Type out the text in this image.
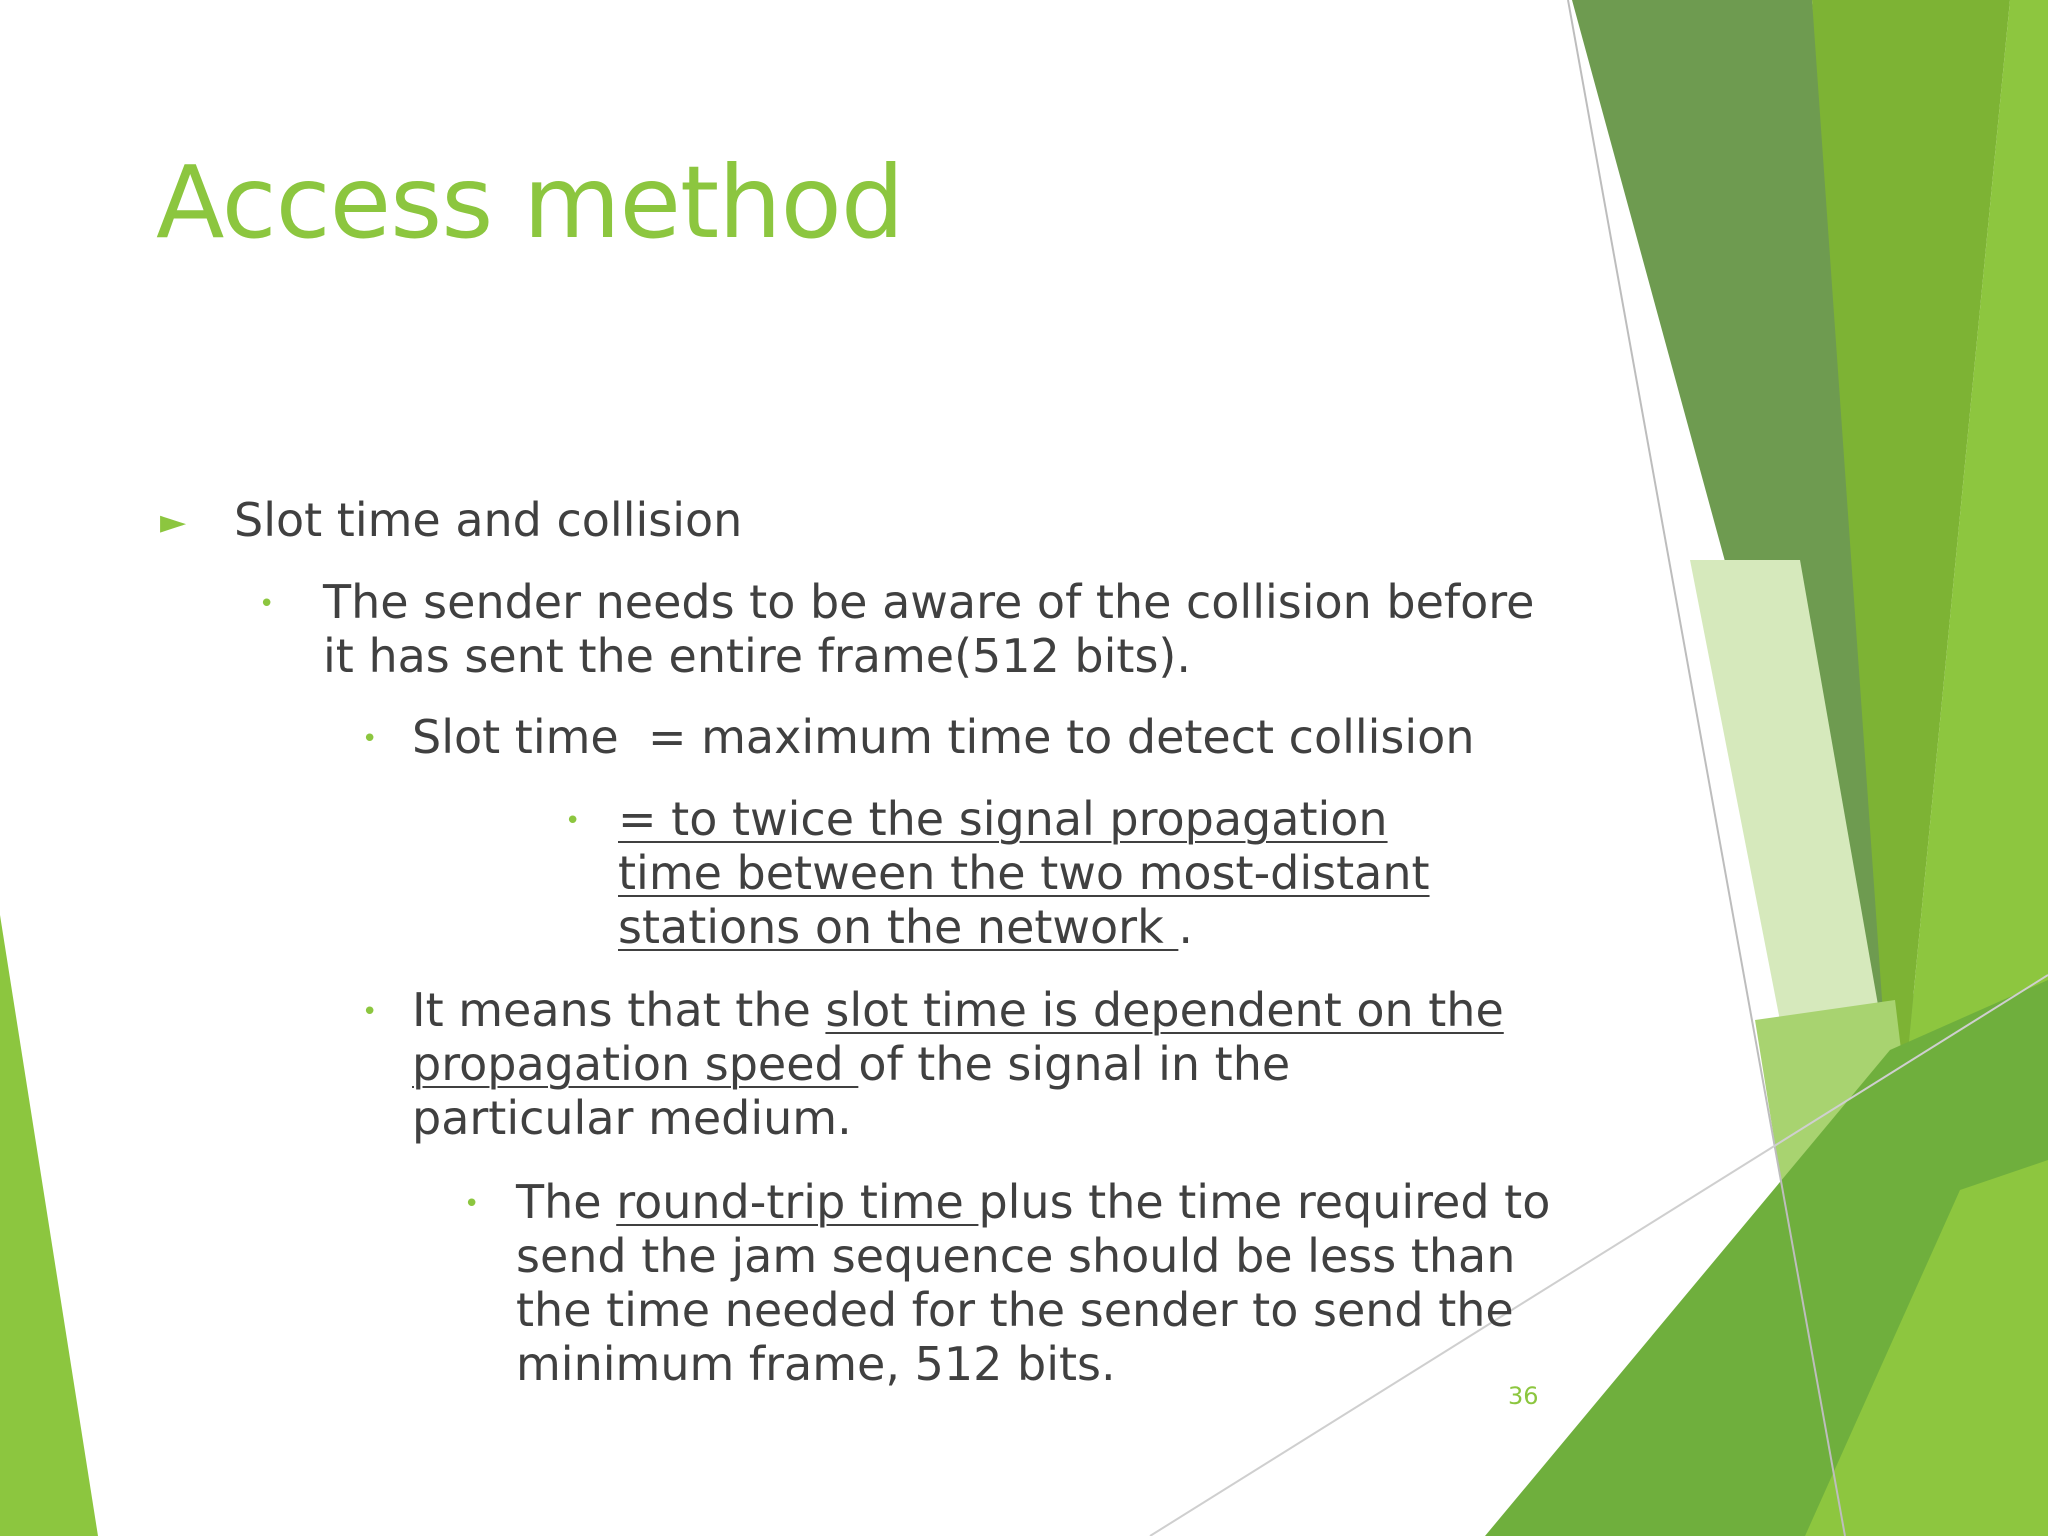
Access method
► Slot time and collision
• The sender needs to be aware of the collision before it has sent the entire frame(512 bits).
• Slot time  = maximum time to detect collision
• = to twice the signal propagation time between the two most-distant stations on the network .
• It means that the slot time is dependent on the propagation speed of the signal in the particular medium.
• The round-trip time plus the time required to send the jam sequence should be less than the time needed for the sender to send the minimum frame, 512 bits.
36
